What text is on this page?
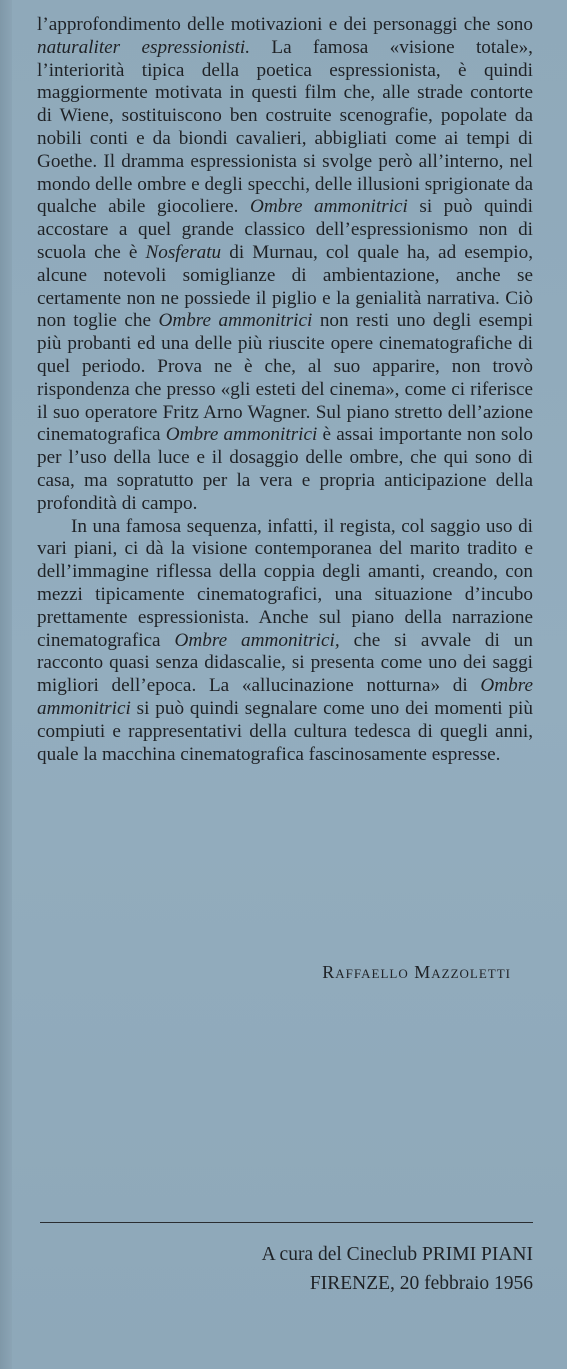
l’approfondimento delle motivazioni e dei personaggi che sono naturaliter espressionisti. La famosa «visione totale», l’interiorità tipica della poetica espressionista, è quindi maggiormente motivata in questi film che, alle strade contorte di Wiene, sostituiscono ben costruite scenografie, popolate da nobili conti e da biondi cavalieri, abbigliati come ai tempi di Goethe. Il dramma espressionista si svolge però all’interno, nel mondo delle ombre e degli specchi, delle illusioni sprigionate da qualche abile giocoliere. Ombre ammonitrici si può quindi accostare a quel grande classico dell’espressionismo non di scuola che è Nosferatu di Murnau, col quale ha, ad esempio, alcune notevoli somiglianze di ambientazione, anche se certamente non ne possiede il piglio e la genialità narrativa. Ciò non toglie che Ombre ammonitrici non resti uno degli esempi più probanti ed una delle più riuscite opere cinematografiche di quel periodo. Prova ne è che, al suo apparire, non trovò rispondenza che presso «gli esteti del cinema», come ci riferisce il suo operatore Fritz Arno Wagner. Sul piano stretto dell’azione cinematografica Ombre ammonitrici è assai importante non solo per l’uso della luce e il dosaggio delle ombre, che qui sono di casa, ma sopratutto per la vera e propria anticipazione della profondità di campo.

In una famosa sequenza, infatti, il regista, col saggio uso di vari piani, ci dà la visione contemporanea del marito tradito e dell’immagine riflessa della coppia degli amanti, creando, con mezzi tipicamente cinematografici, una situazione d’incubo prettamente espressionista. Anche sul piano della narrazione cinematografica Ombre ammonitrici, che si avvale di un racconto quasi senza didascalie, si presenta come uno dei saggi migliori dell’epoca. La «allucinazione notturna» di Ombre ammonitrici si può quindi segnalare come uno dei momenti più compiuti e rappresentativi della cultura tedesca di quegli anni, quale la macchina cinematografica fascinosamente espresse.

Raffaello Mazzoletti
A cura del Cineclub PRIMI PIANI
FIRENZE, 20 febbraio 1956
